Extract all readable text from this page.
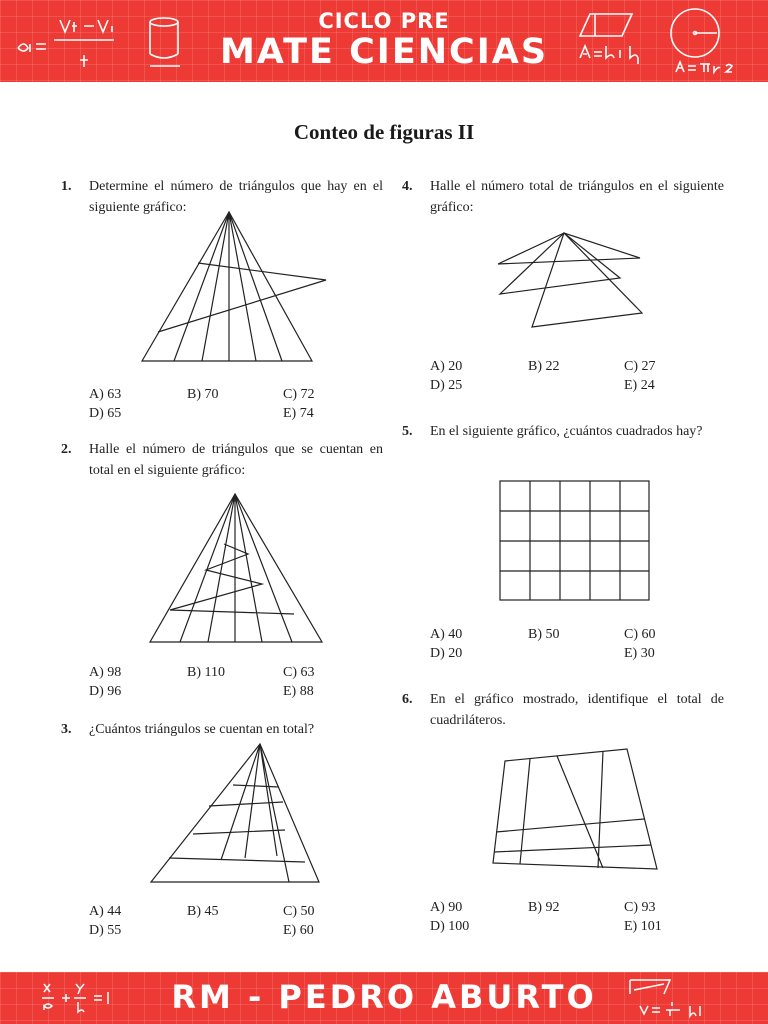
CICLO PRE
MATE CIENCIAS
Conteo de figuras II
1. Determine el número de triángulos que hay en el siguiente gráfico:
A) 63	B) 70	C) 72
D) 65	E) 74
2. Halle el número de triángulos que se cuentan en total en el siguiente gráfico:
A) 98	B) 110	C) 63
D) 96	E) 88
3. ¿Cuántos triángulos se cuentan en total?
A) 44	B) 45	C) 50
D) 55	E) 60
4. Halle el número total de triángulos en el siguiente gráfico:
A) 20	B) 22	C) 27
D) 25	E) 24
5. En el siguiente gráfico, ¿cuántos cuadrados hay?
A) 40	B) 50	C) 60
D) 20	E) 30
6. En el gráfico mostrado, identifique el total de cuadriláteros.
A) 90	B) 92	C) 93
D) 100	E) 101
RM - PEDRO ABURTO
